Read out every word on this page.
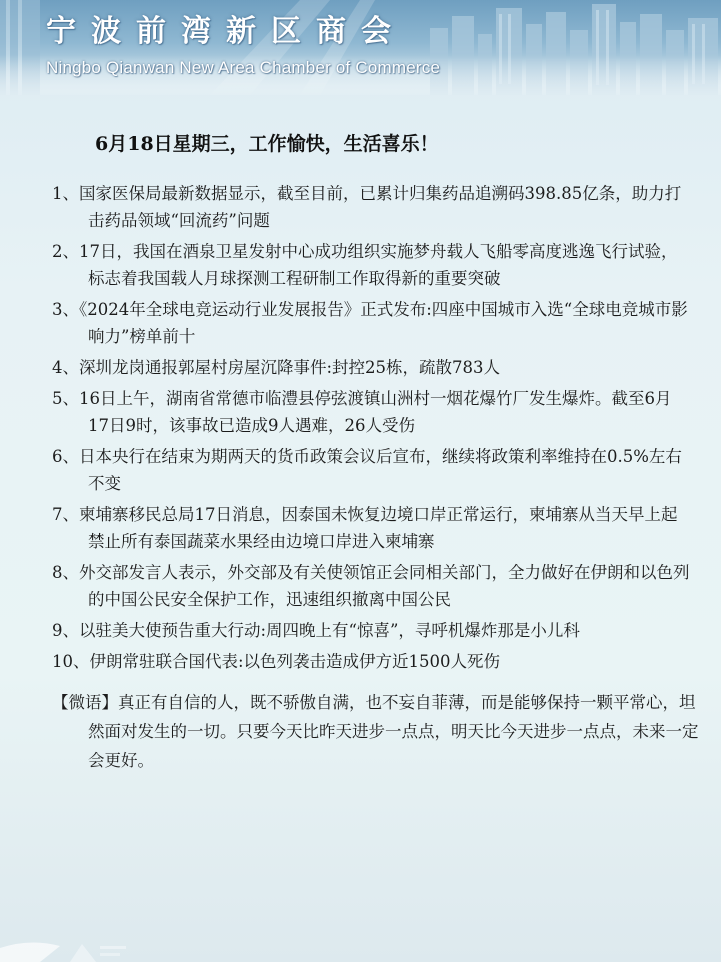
宁波前湾新区商会
Ningbo Qianwan New Area Chamber of Commerce
6月18日星期三，工作愉快，生活喜乐！
1、国家医保局最新数据显示，截至目前，已累计归集药品追溯码398.85亿条，助力打击药品领域“回流药”问题
2、17日，我国在酒泉卫星发射中心成功组织实施梦舟载人飞船零高度逃逸飞行试验，标志着我国载人月球探测工程研制工作取得新的重要突破
3、《2024年全球电竞运动行业发展报告》正式发布:四座中国城市入选“全球电竞城市影响力”榜单前十
4、深圳龙岗通报郭屋村房屋沉降事件:封控25栋，疏散783人
5、16日上午，湖南省常德市临澧县停弦渡镇山洲村一烟花爆竹厂发生爆炸。截至6月17日9时，该事故已造成9人遇难，26人受伤
6、日本央行在结束为期两天的货币政策会议后宣布，继续将政策利率维持在0.5%左右不变
7、柬埔寨移民总局17日消息，因泰国未恢复边境口岸正常运行，柬埔寨从当天早上起禁止所有泰国蔬菜水果经由边境口岸进入柬埔寨
8、外交部发言人表示，外交部及有关使领馆正会同相关部门，全力做好在伊朗和以色列的中国公民安全保护工作，迅速组织撤离中国公民
9、以驻美大使预告重大行动:周四晚上有“惊喜”，寻呼机爆炸那是小儿科
10、伊朗常驻联合国代表:以色列袭击造成伊方近1500人死伤
【微语】真正有自信的人，既不骄傲自满，也不妄自菲薄，而是能够保持一颗平常心，坦然面对发生的一切。只要今天比昨天进步一点点，明天比今天进步一点点，未来一定会更好。
